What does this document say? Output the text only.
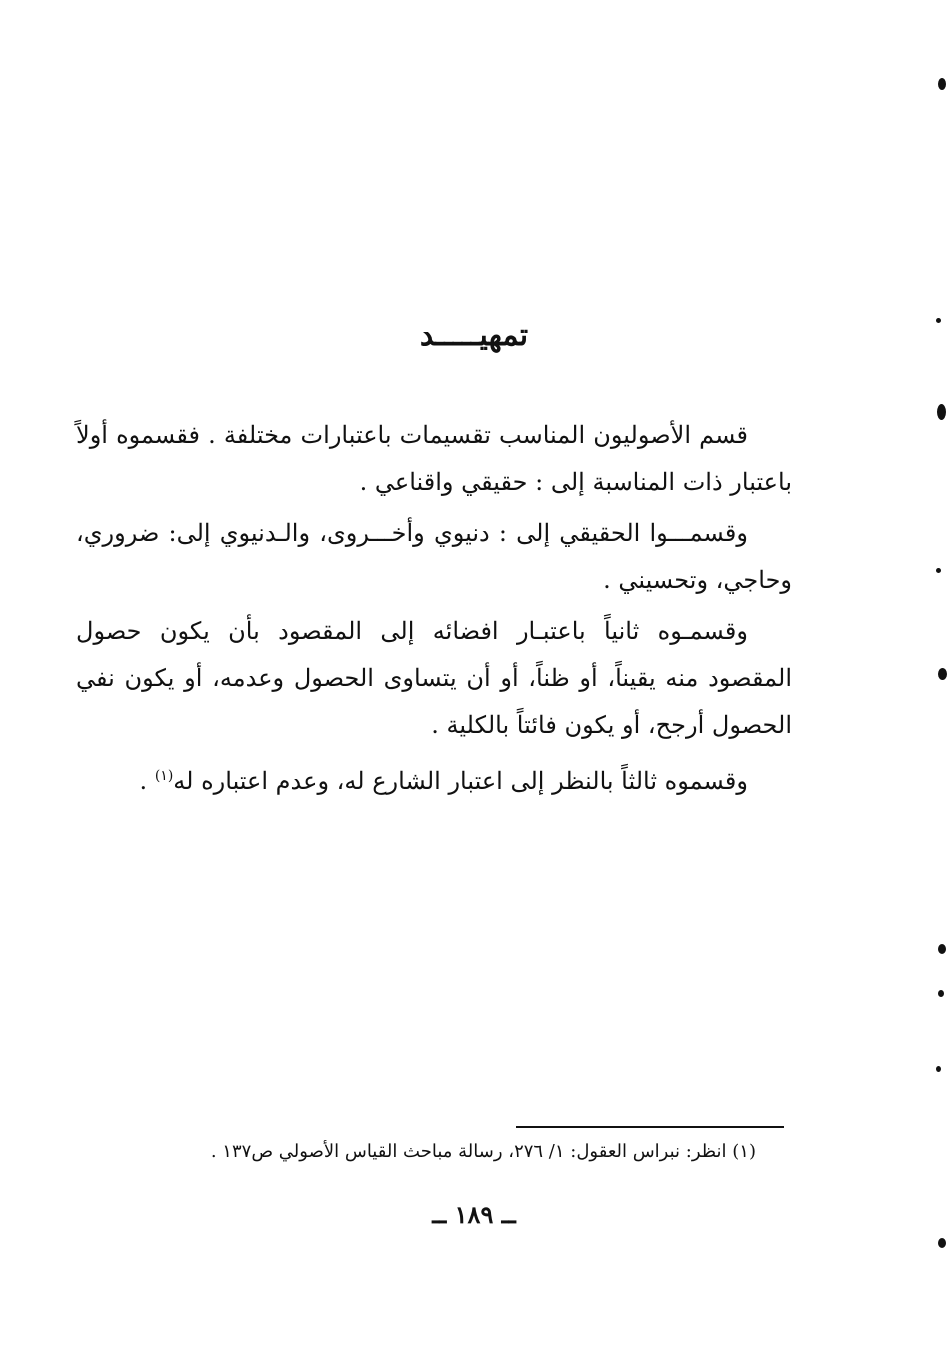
تمهيـــــد

قسم الأصوليون المناسب تقسيمات باعتبارات مختلفة . فقسموه أولاً باعتبار ذات المناسبة إلى : حقيقي واقناعي .

وقسمـــوا الحقيقي إلى : دنيوي وأخـــروى، والـدنيوي إلى: ضروري، وحاجي، وتحسيني .

وقسمـوه ثانياً باعتبـار افضائه إلى المقصود بأن يكون حصول المقصود منه يقيناً، أو ظناً، أو أن يتساوى الحصول وعدمه، أو يكون نفي الحصول أرجح، أو يكون فائتاً بالكلية .

وقسموه ثالثاً بالنظر إلى اعتبار الشارع له، وعدم اعتباره له$^{(١)}$ .

(١) انظر: نبراس العقول: ١/ ٢٧٦، رسالة مباحث القياس الأصولي ص١٣٧ .
ــ ١٨٩ ــ
